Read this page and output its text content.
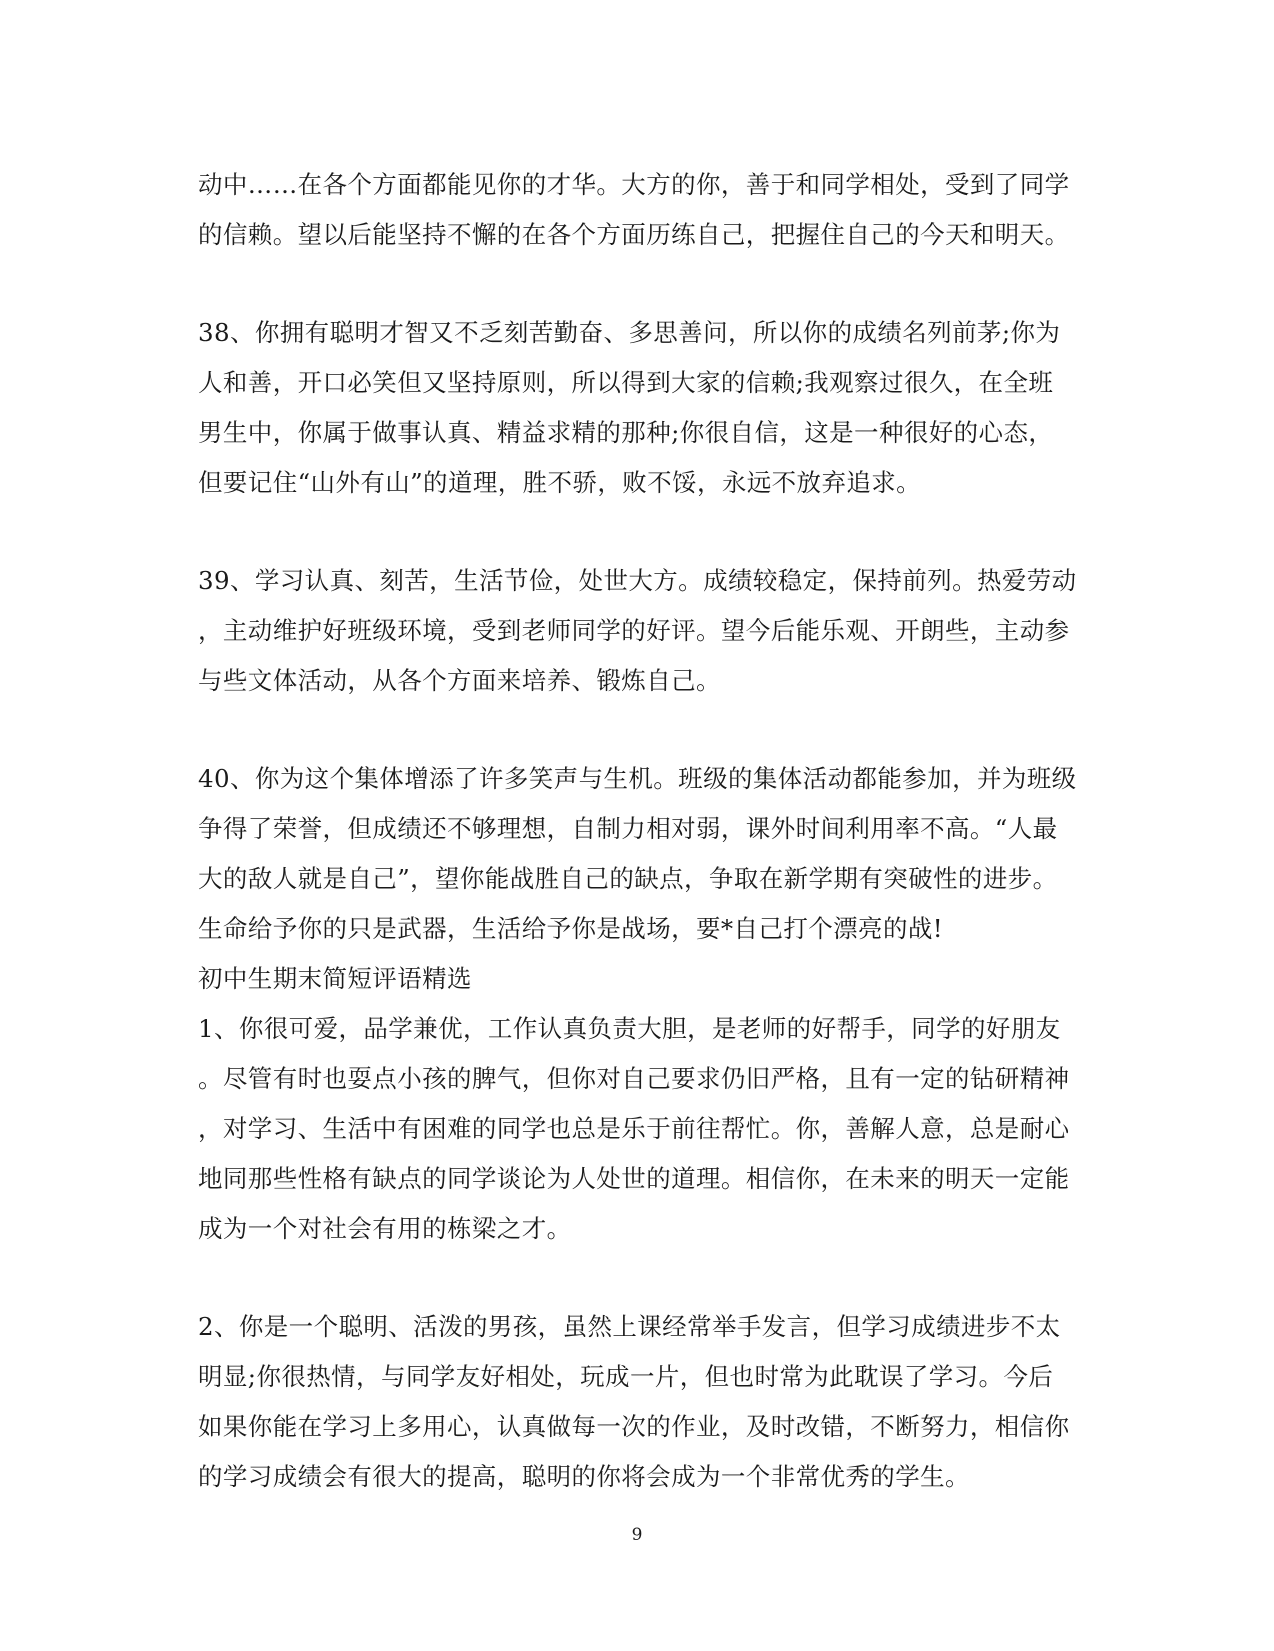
动中……在各个方面都能见你的才华。大方的你，善于和同学相处，受到了同学
的信赖。望以后能坚持不懈的在各个方面历练自己，把握住自己的今天和明天。
38、你拥有聪明才智又不乏刻苦勤奋、多思善问，所以你的成绩名列前茅;你为
人和善，开口必笑但又坚持原则，所以得到大家的信赖;我观察过很久，在全班
男生中，你属于做事认真、精益求精的那种;你很自信，这是一种很好的心态，
但要记住“山外有山”的道理，胜不骄，败不馁，永远不放弃追求。
39、学习认真、刻苦，生活节俭，处世大方。成绩较稳定，保持前列。热爱劳动
，主动维护好班级环境，受到老师同学的好评。望今后能乐观、开朗些，主动参
与些文体活动，从各个方面来培养、锻炼自己。
40、你为这个集体增添了许多笑声与生机。班级的集体活动都能参加，并为班级
争得了荣誉，但成绩还不够理想，自制力相对弱，课外时间利用率不高。“人最
大的敌人就是自己”，望你能战胜自己的缺点，争取在新学期有突破性的进步。
生命给予你的只是武器，生活给予你是战场，要*自己打个漂亮的战!
初中生期末简短评语精选
1、你很可爱，品学兼优，工作认真负责大胆，是老师的好帮手，同学的好朋友
。尽管有时也耍点小孩的脾气，但你对自己要求仍旧严格，且有一定的钻研精神
，对学习、生活中有困难的同学也总是乐于前往帮忙。你，善解人意，总是耐心
地同那些性格有缺点的同学谈论为人处世的道理。相信你，在未来的明天一定能
成为一个对社会有用的栋梁之才。
2、你是一个聪明、活泼的男孩，虽然上课经常举手发言，但学习成绩进步不太
明显;你很热情，与同学友好相处，玩成一片，但也时常为此耽误了学习。今后
如果你能在学习上多用心，认真做每一次的作业，及时改错，不断努力，相信你
的学习成绩会有很大的提高，聪明的你将会成为一个非常优秀的学生。
9
